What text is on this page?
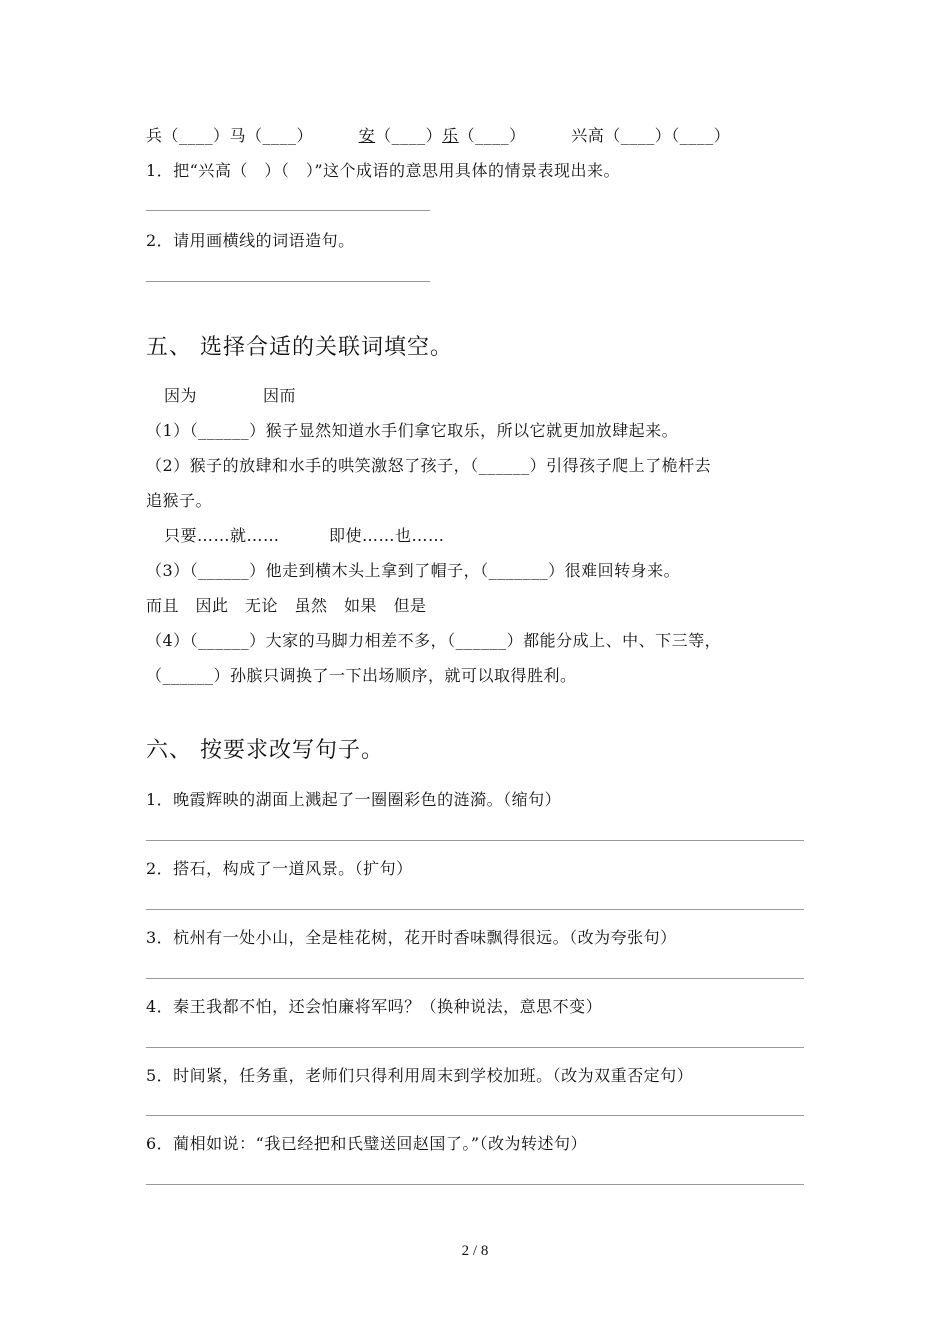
兵（____）马（____）	安（____）乐（____）	兴高（____）（____）
1．把“兴高（　）（　）”这个成语的意思用具体的情景表现出来。
2．请用画横线的词语造句。
五、 选择合适的关联词填空。
因为　　　　因而
（1）（______）猴子显然知道水手们拿它取乐，所以它就更加放肆起来。
（2）猴子的放肆和水手的哄笑激怒了孩子，（______）引得孩子爬上了桅杆去
追猴子。
只要……就……　　　即使……也……
（3）（______）他走到横木头上拿到了帽子，（_______）很难回转身来。
而且　因此　无论　虽然　如果　但是
（4）（______）大家的马脚力相差不多，（______）都能分成上、中、下三等，
（______）孙膑只调换了一下出场顺序，就可以取得胜利。
六、 按要求改写句子。
1．晚霞辉映的湖面上溅起了一圈圈彩色的涟漪。（缩句）
2．搭石，构成了一道风景。（扩句）
3．杭州有一处小山，全是桂花树，花开时香味飘得很远。（改为夸张句）
4．秦王我都不怕，还会怕廉将军吗？（换种说法，意思不变）
5．时间紧，任务重，老师们只得利用周末到学校加班。（改为双重否定句）
6．蔺相如说：“我已经把和氏璧送回赵国了。”（改为转述句）
2 / 8
